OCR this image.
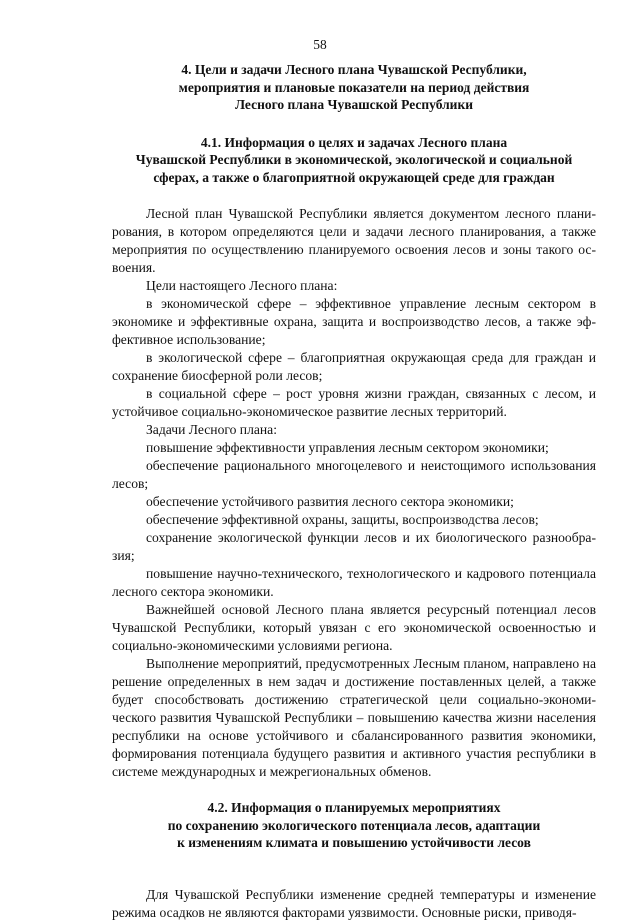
58
4. Цели и задачи Лесного плана Чувашской Республики,
мероприятия и плановые показатели на период действия
Лесного плана Чувашской Республики
4.1. Информация о целях и задачах Лесного плана
Чувашской Республики в экономической, экологической и социальной
сферах, а также о благоприятной окружающей среде для граждан

Лесной план Чувашской Республики является документом лесного планирования, в котором определяются цели и задачи лесного планирования, а также мероприятия по осуществлению планируемого освоения лесов и зоны такого освоения.

Цели настоящего Лесного плана:

в экономической сфере – эффективное управление лесным сектором в экономике и эффективные охрана, защита и воспроизводство лесов, а также эффективное использование;

в экологической сфере – благоприятная окружающая среда для граждан и сохранение биосферной роли лесов;

в социальной сфере – рост уровня жизни граждан, связанных с лесом, и устойчивое социально-экономическое развитие лесных территорий.

Задачи Лесного плана:

повышение эффективности управления лесным сектором экономики;

обеспечение рационального многоцелевого и неистощимого использования лесов;

обеспечение устойчивого развития лесного сектора экономики;

обеспечение эффективной охраны, защиты, воспроизводства лесов;

сохранение экологической функции лесов и их биологического разнообразия;

повышение научно-технического, технологического и кадрового потенциала лесного сектора экономики.

Важнейшей основой Лесного плана является ресурсный потенциал лесов Чувашской Республики, который увязан с его экономической освоенностью и социально-экономическими условиями региона.

Выполнение мероприятий, предусмотренных Лесным планом, направлено на решение определенных в нем задач и достижение поставленных целей, а также будет способствовать достижению стратегической цели социально-экономического развития Чувашской Республики – повышению качества жизни населения республики на основе устойчивого и сбалансированного развития экономики, формирования потенциала будущего развития и активного участия республики в системе международных и межрегиональных обменов.

4.2. Информация о планируемых мероприятиях
по сохранению экологического потенциала лесов, адаптации
к изменениям климата и повышению устойчивости лесов

Для Чувашской Республики изменение средней температуры и изменение режима осадков не являются факторами уязвимости. Основные риски, приводя-
